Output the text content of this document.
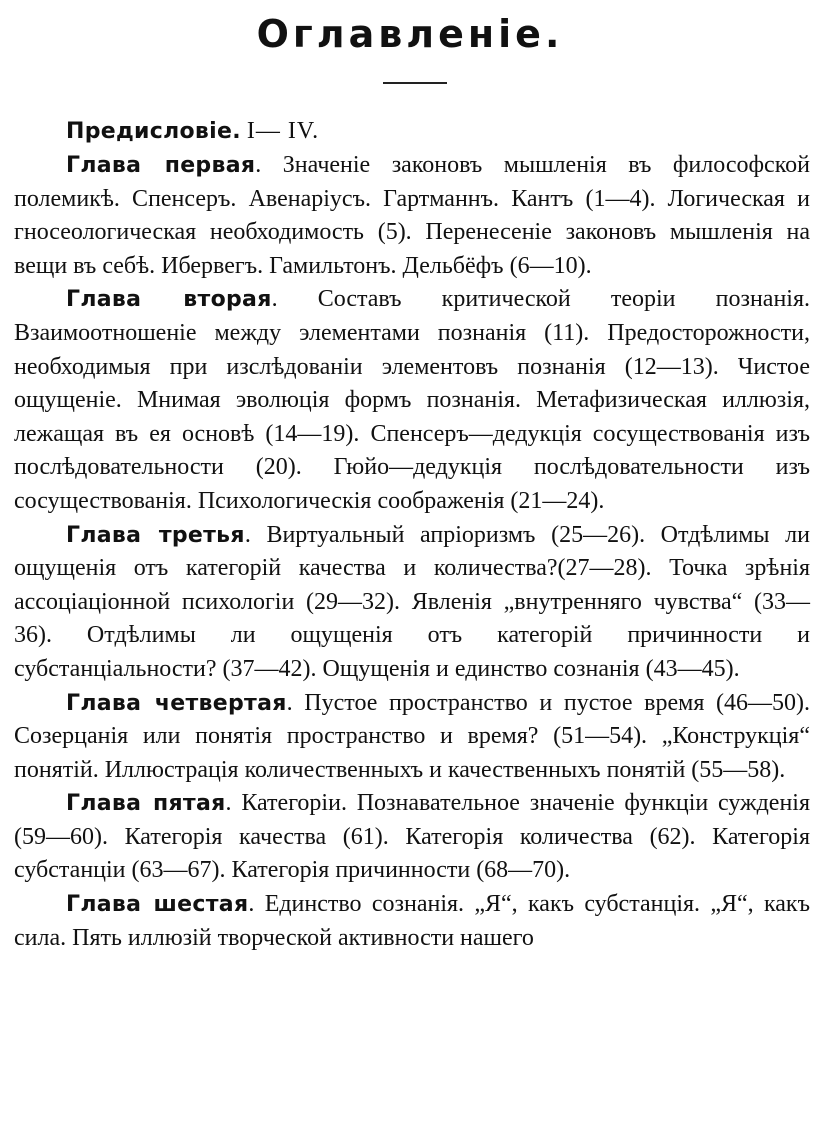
Оглавленіе.

Предисловіе. I— IV.

Глава первая. Значеніе законовъ мышленія въ философской полемикѣ. Спенсеръ. Авенаріусъ. Гартманнъ. Кантъ (1—4). Логическая и гносеологическая необходимость (5). Перенесеніе законовъ мышленія на вещи въ себѣ. Ибервегъ. Гамильтонъ. Дельбёфъ (6—10).

Глава вторая. Составъ критической теоріи познанія. Взаимоотношеніе между элементами познанія (11). Предосторожности, необходимыя при изслѣдованіи элементовъ познанія (12—13). Чистое ощущеніе. Мнимая эволюція формъ познанія. Метафизическая иллюзія, лежащая въ ея основѣ (14—19). Спенсеръ—дедукція сосуществованія изъ послѣдовательности (20). Гюйо—дедукція послѣдовательности изъ сосуществованія. Психологическія соображенія (21—24).

Глава третья. Виртуальный апріоризмъ (25—26). Отдѣлимы ли ощущенія отъ категорій качества и количества?(27—28). Точка зрѣнія ассоціаціонной психологіи (29—32). Явленія „внутренняго чувства“ (33—36). Отдѣлимы ли ощущенія отъ категорій причинности и субстанціальности? (37—42). Ощущенія и единство сознанія (43—45).

Глава четвертая. Пустое пространство и пустое время (46—50). Созерцанія или понятія пространство и время? (51—54). „Конструкція“ понятій. Иллюстрація количественныхъ и качественныхъ понятій (55—58).

Глава пятая. Категоріи. Познавательное значеніе функціи сужденія (59—60). Категорія качества (61). Категорія количества (62). Категорія субстанціи (63—67). Категорія причинности (68—70).

Глава шестая. Единство сознанія. „Я“, какъ субстанція. „Я“, какъ сила. Пять иллюзій творческой активности нашего
